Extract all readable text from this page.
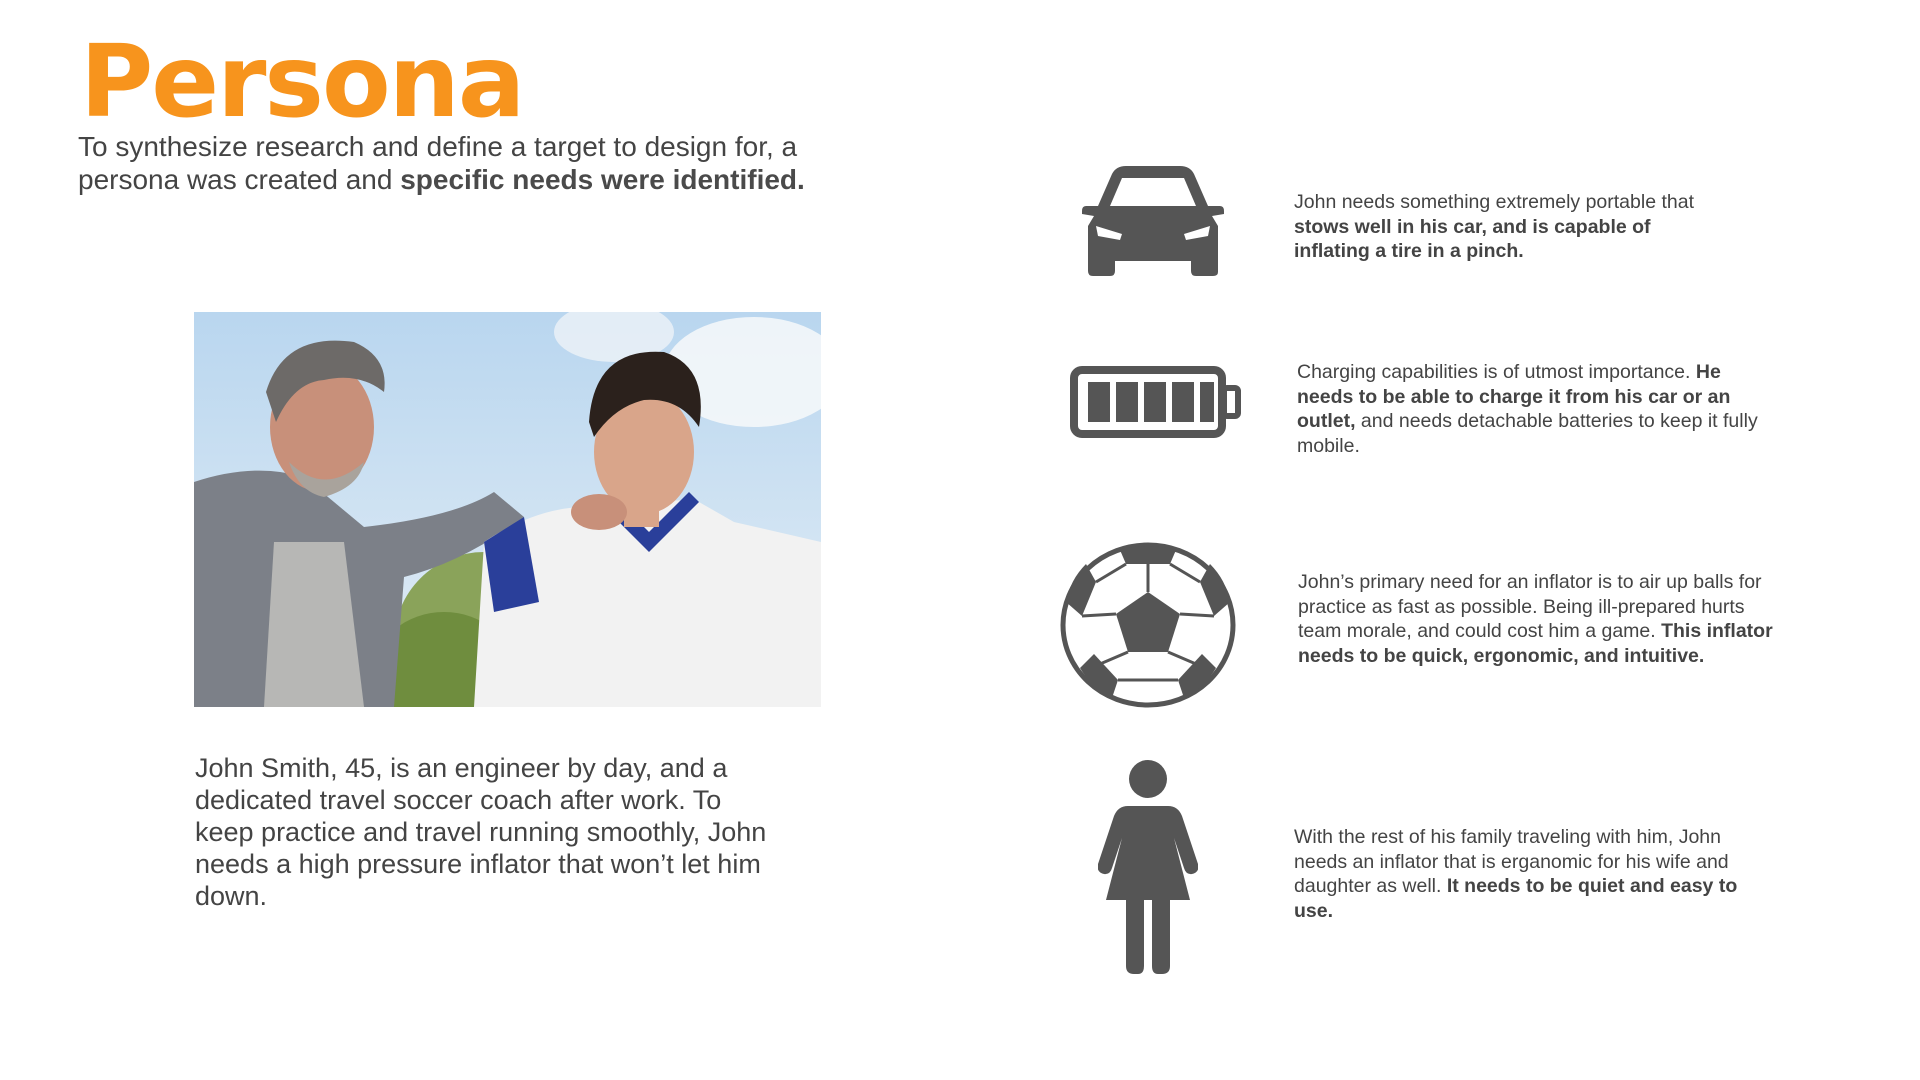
Persona
To synthesize research and define a target to design for, a persona was created and specific needs were identified.
John Smith, 45, is an engineer by day, and a dedicated travel soccer coach after work. To keep practice and travel running smoothly, John needs a high pressure inflator that won’t let him down.
John needs something extremely portable that stows well in his car, and is capable of inflating a tire in a pinch.
Charging capabilities is of utmost importance. He needs to be able to charge it from his car or an outlet, and needs detachable batteries to keep it fully mobile.
John’s primary need for an inflator is to air up balls for practice as fast as possible. Being ill-prepared hurts team morale, and could cost him a game. This inflator needs to be quick, ergonomic, and intuitive.
With the rest of his family traveling with him, John needs an inflator that is erganomic for his wife and daughter as well. It needs to be quiet and easy to use.
